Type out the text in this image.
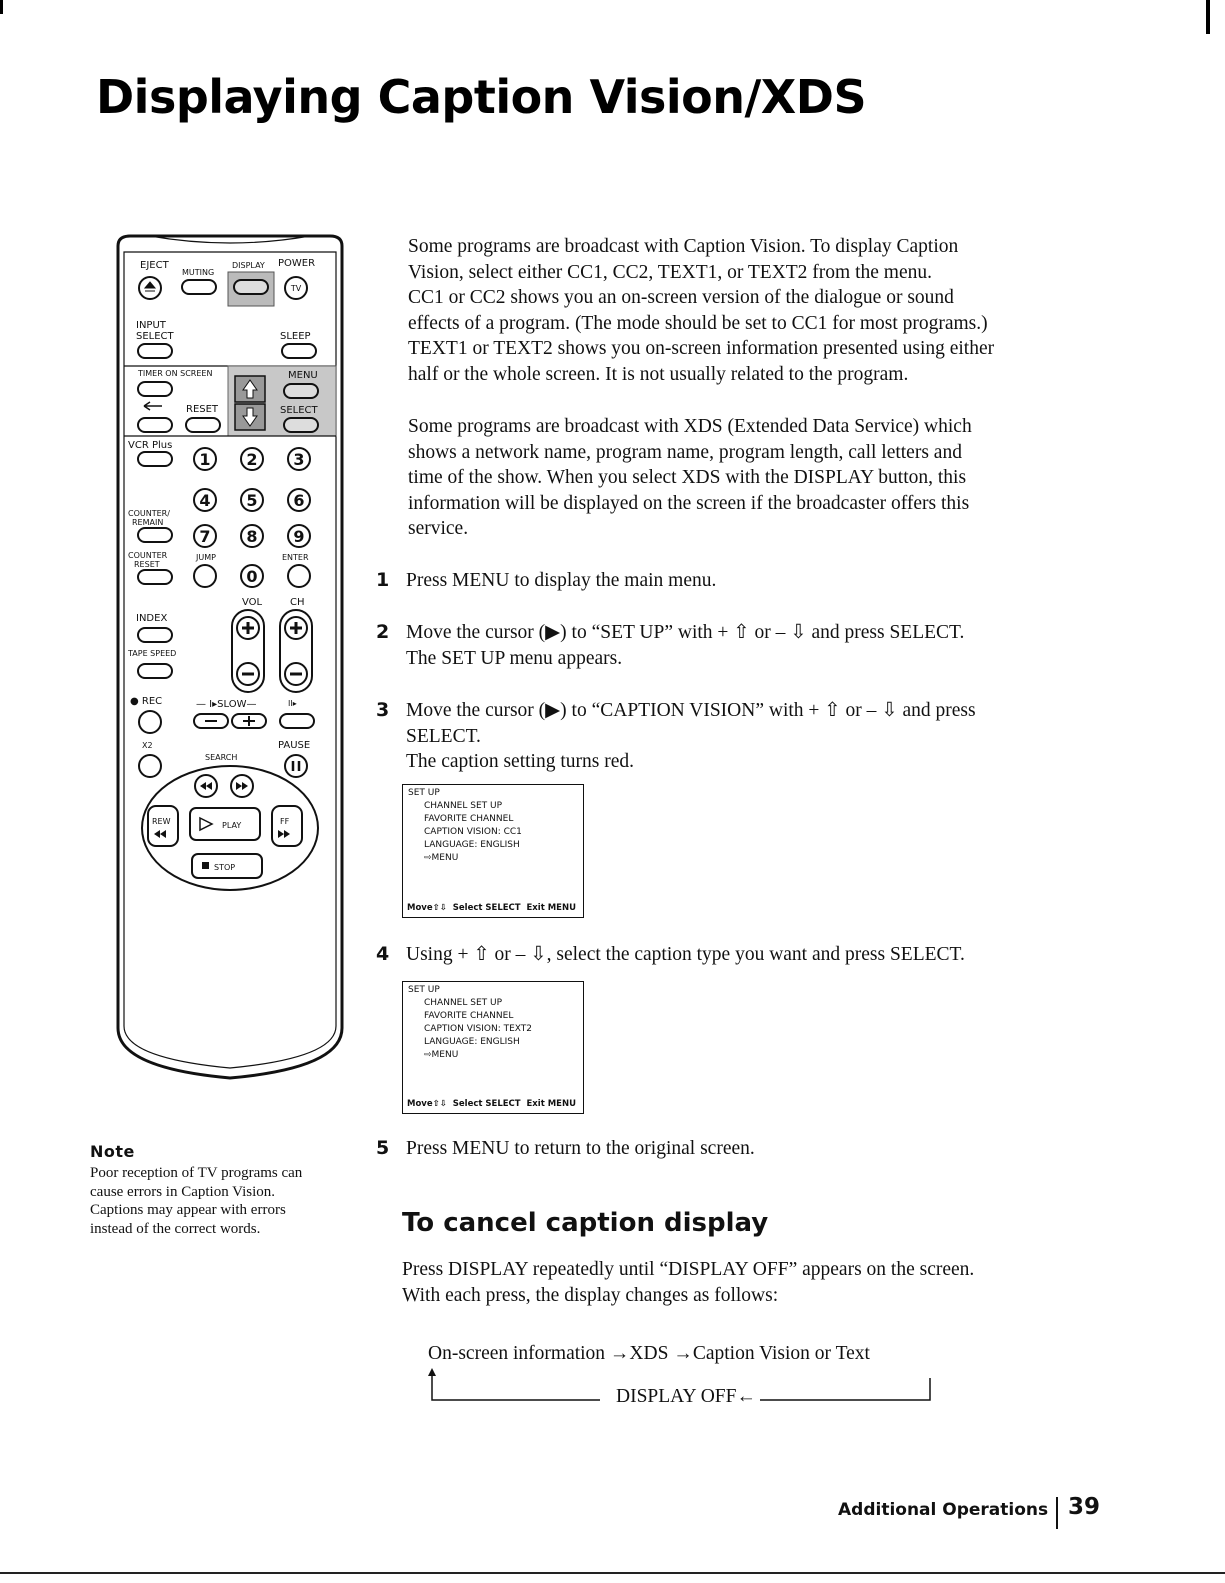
Displaying Caption Vision/XDS
EJECT
MUTING
DISPLAY POWER
TV
INPUT
SELECT	SLEEP
TIMER ON SCREEN	MENU
RESET	SELECT
VCR Plus
1 2 3
4 5 6
COUNTER/
REMAIN
7 8 9
COUNTER
RESET
JUMP	ENTER
0
VOL	CH
INDEX
TAPE SPEED
● REC	— I▸SLOW—	II▸
X2	PAUSE
SEARCH
REW	PLAY	FF
STOP

Some programs are broadcast with Caption Vision. To display Caption

Vision, select either CC1, CC2, TEXT1, or TEXT2 from the menu.

CC1 or CC2 shows you an on-screen version of the dialogue or sound

effects of a program. (The mode should be set to CC1 for most programs.)

TEXT1 or TEXT2 shows you on-screen information presented using either

half or the whole screen. It is not usually related to the program.

Some programs are broadcast with XDS (Extended Data Service) which

shows a network name, program name, program length, call letters and

time of the show. When you select XDS with the DISPLAY button, this

information will be displayed on the screen if the broadcaster offers this

service.

1 Press MENU to display the main menu.
2 Move the cursor (▶) to “SET UP” with + ⇧ or – ⇩ and press SELECT.
The SET UP menu appears.
3 Move the cursor (▶) to “CAPTION VISION” with + ⇧ or – ⇩ and press
SELECT.
The caption setting turns red.
SET UP
CHANNEL SET UP
FAVORITE CHANNEL
CAPTION VISION: CC1
LANGUAGE: ENGLISH
⇨MENU
Move⇧⇩  Select SELECT  Exit MENU
4 Using + ⇧ or – ⇩, select the caption type you want and press SELECT.
SET UP
CHANNEL SET UP
FAVORITE CHANNEL
CAPTION VISION: TEXT2
LANGUAGE: ENGLISH
⇨MENU
Move⇧⇩  Select SELECT  Exit MENU
5 Press MENU to return to the original screen.
Note
Poor reception of TV programs can
cause errors in Caption Vision.
Captions may appear with errors
instead of the correct words.	To cancel caption display

Press DISPLAY repeatedly until “DISPLAY OFF” appears on the screen.

With each press, the display changes as follows:

On-screen information →XDS →Caption Vision or Text
DISPLAY OFF←
Additional Operations 39
